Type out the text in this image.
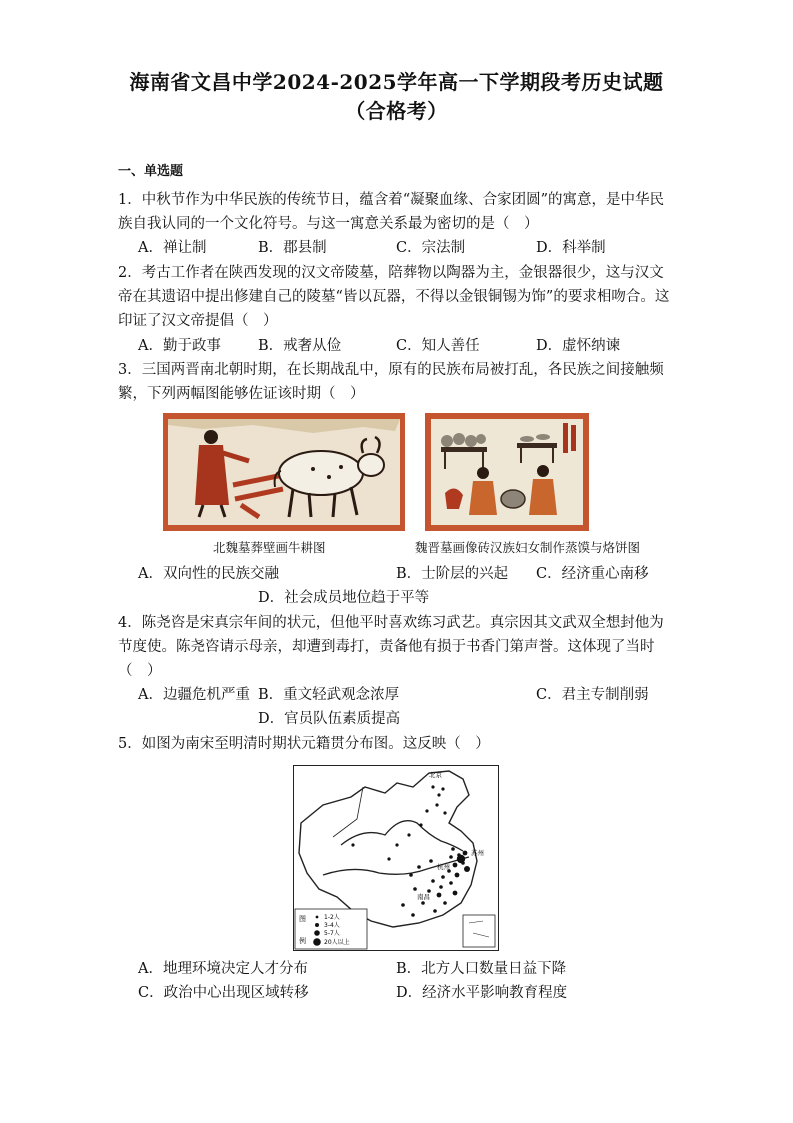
海南省文昌中学2024-2025学年高一下学期段考历史试题
（合格考）
一、单选题
1．中秋节作为中华民族的传统节日，蕴含着“凝聚血缘、合家团圆”的寓意，是中华民族自我认同的一个文化符号。与这一寓意关系最为密切的是（　）
A．禅让制	B．郡县制	C．宗法制	D．科举制
2．考古工作者在陕西发现的汉文帝陵墓，陪葬物以陶器为主，金银器很少，这与汉文帝在其遗诏中提出修建自己的陵墓“皆以瓦器，不得以金银铜锡为饰”的要求相吻合。这印证了汉文帝提倡（　）
A．勤于政事	B．戒奢从俭	C．知人善任	D．虚怀纳谏
3．三国两晋南北朝时期，在长期战乱中，原有的民族布局被打乱，各民族之间接触频繁，下列两幅图能够佐证该时期（　）
北魏墓葬壁画牛耕图	魏晋墓画像砖汉族妇女制作蒸馍与烙饼图
A．双向性的民族交融	B．士阶层的兴起 C．经济重心南移
D．社会成员地位趋于平等
4．陈尧咨是宋真宗年间的状元，但他平时喜欢练习武艺。真宗因其文武双全想封他为节度使。陈尧咨请示母亲，却遭到毒打，责备他有损于书香门第声誉。这体现了当时（　）
A．边疆危机严重 B．重文轻武观念浓厚	C．君主专制削弱
D．官员队伍素质提高
5．如图为南宋至明清时期状元籍贯分布图。这反映（　）
北京
苏州
杭州
南昌
图
例
1-2人
3-4人
5-7人
20人以上
A．地理环境决定人才分布	B．北方人口数量日益下降
C．政治中心出现区域转移	D．经济水平影响教育程度
